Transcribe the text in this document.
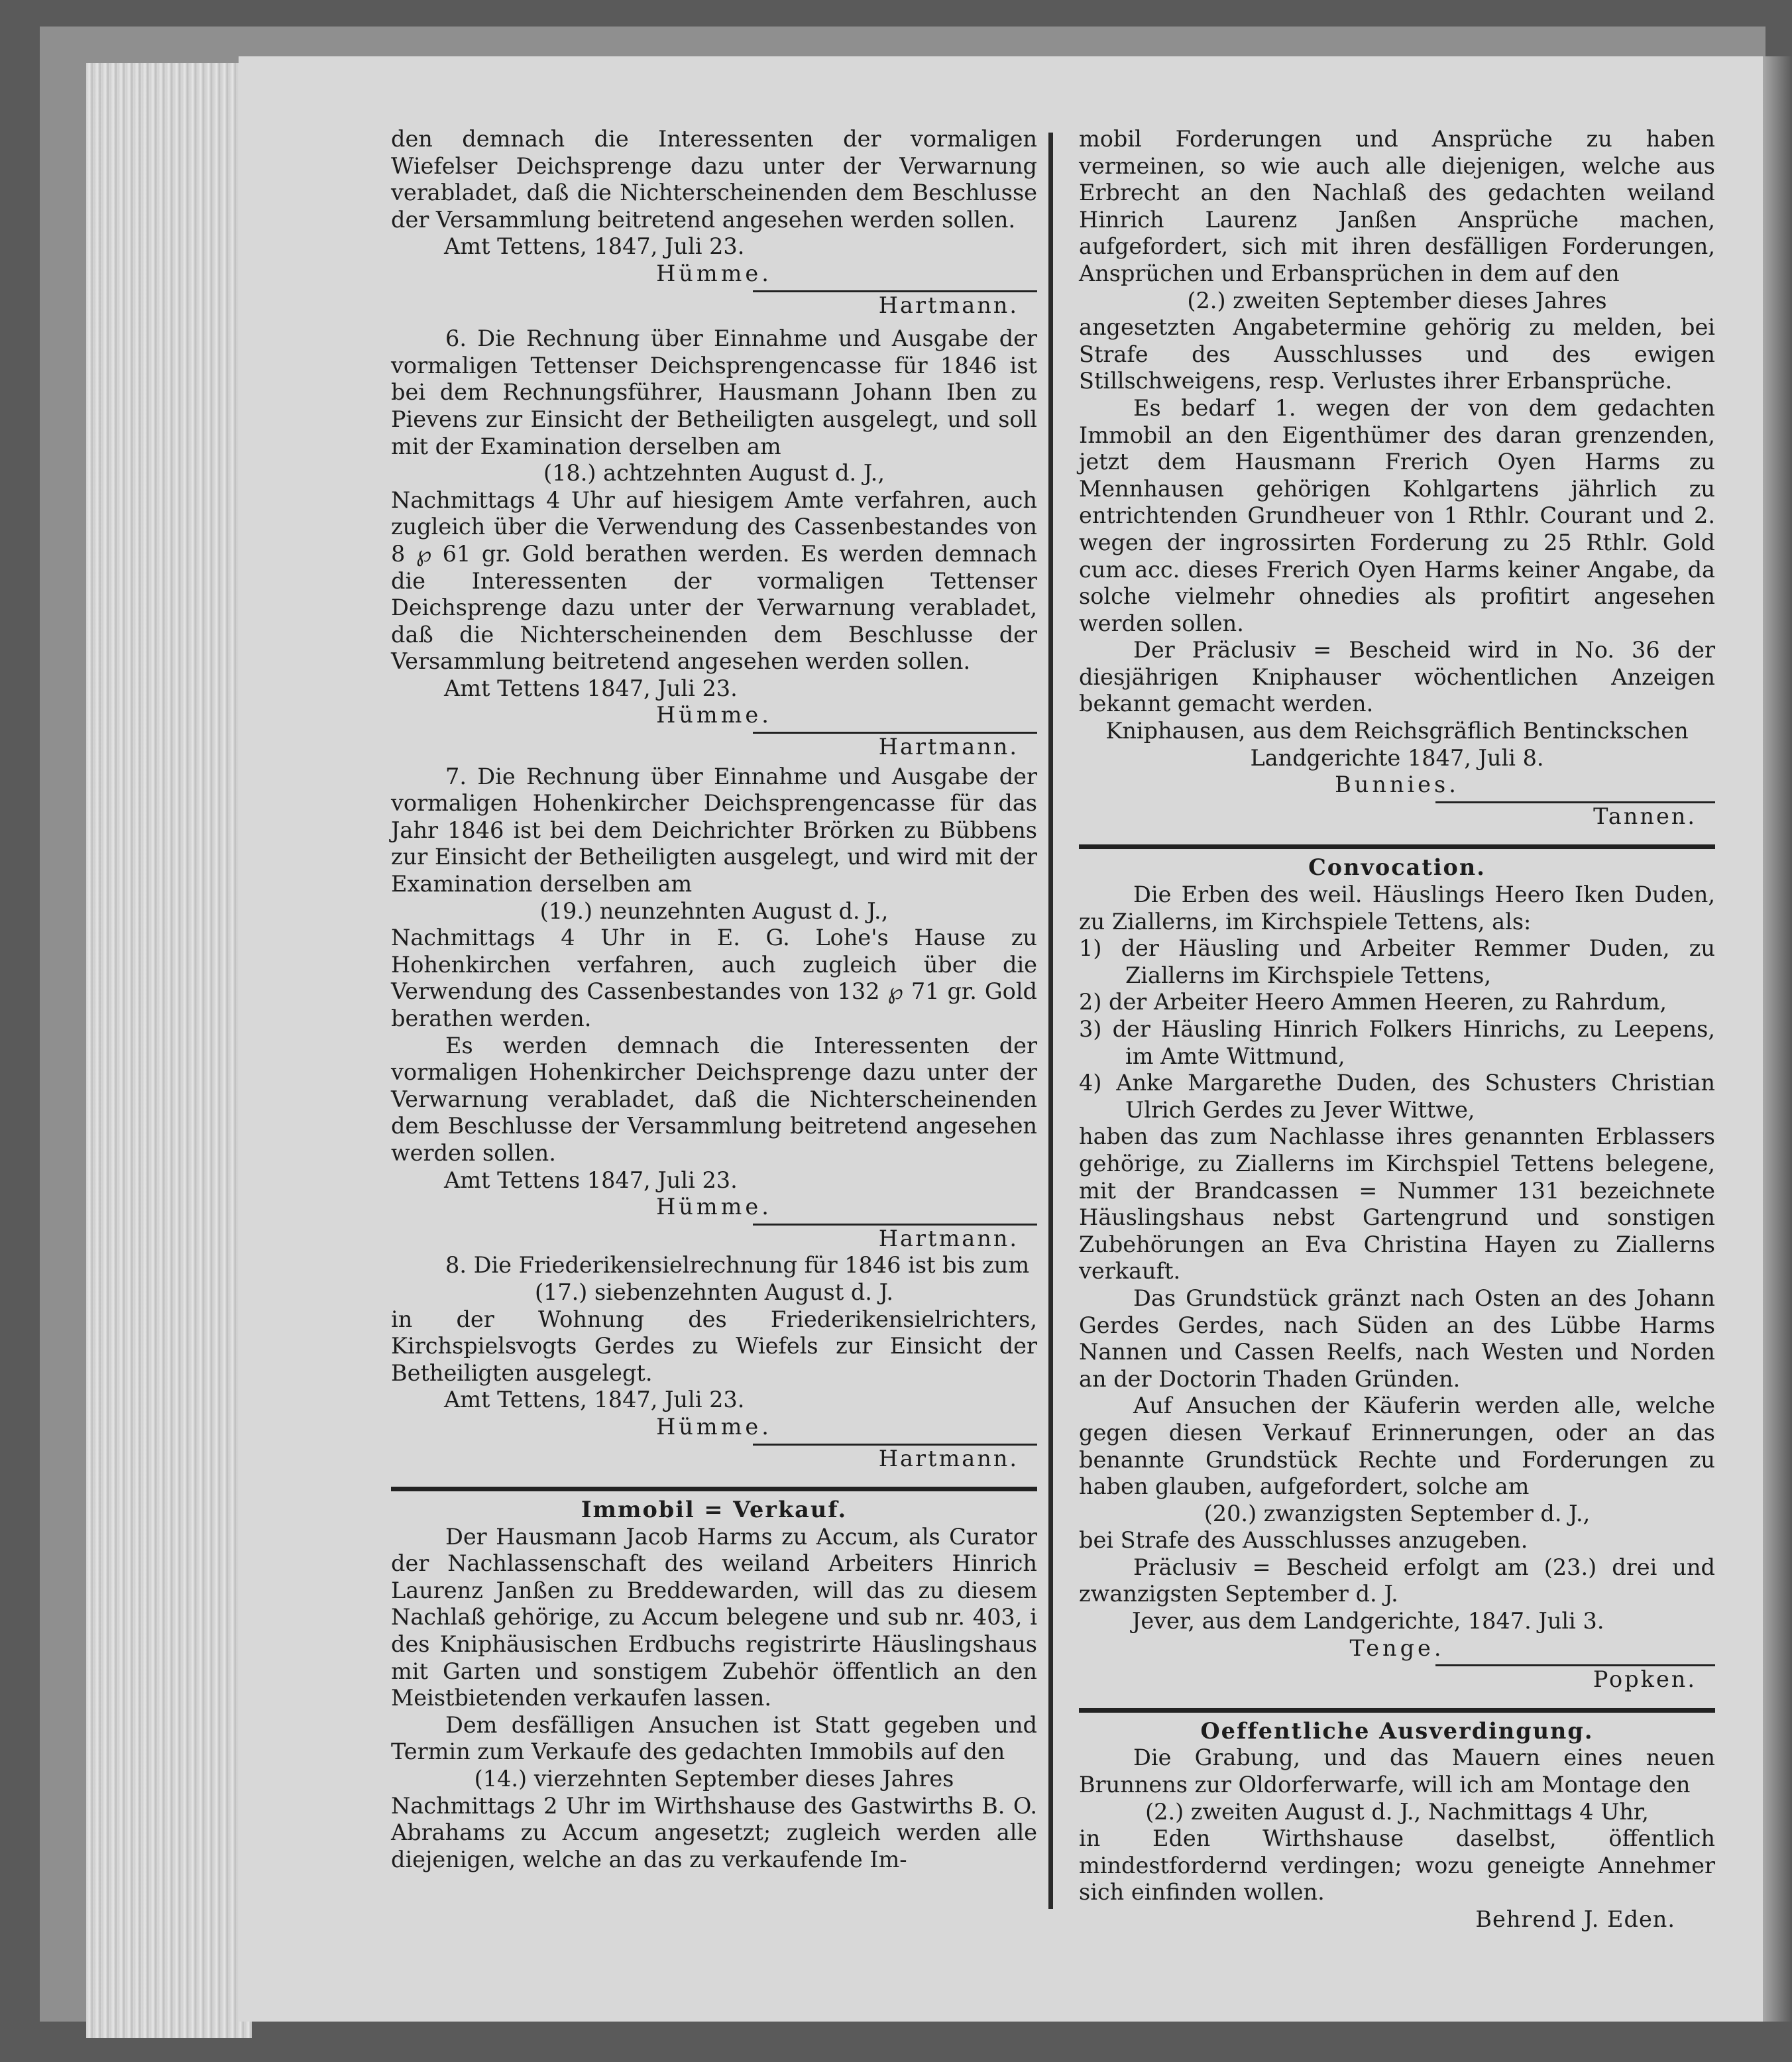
den demnach die Interessenten der vormaligen Wiefelser Deichsprenge dazu unter der Verwarnung verabladet, daß die Nichterscheinenden dem Beschlusse der Versammlung beitretend angesehen werden sollen.

Amt Tettens, 1847, Juli 23.

Hümme.

Hartmann.

6. Die Rechnung über Einnahme und Ausgabe der vormaligen Tettenser Deichsprengencasse für 1846 ist bei dem Rechnungsführer, Hausmann Johann Iben zu Pievens zur Einsicht der Betheiligten ausgelegt, und soll mit der Examination derselben am

(18.) achtzehnten August d. J.,

Nachmittags 4 Uhr auf hiesigem Amte verfahren, auch zugleich über die Verwendung des Cassenbestandes von 8 ℘ 61 gr. Gold berathen werden. Es werden demnach die Interessenten der vormaligen Tettenser Deichsprenge dazu unter der Verwarnung verabladet, daß die Nichterscheinenden dem Beschlusse der Versammlung beitretend angesehen werden sollen.

Amt Tettens 1847, Juli 23.

Hümme.

Hartmann.

7. Die Rechnung über Einnahme und Ausgabe der vormaligen Hohenkircher Deichsprengencasse für das Jahr 1846 ist bei dem Deichrichter Brörken zu Bübbens zur Einsicht der Betheiligten ausgelegt, und wird mit der Examination derselben am

(19.) neunzehnten August d. J.,

Nachmittags 4 Uhr in E. G. Lohe's Hause zu Hohenkirchen verfahren, auch zugleich über die Verwendung des Cassenbestandes von 132 ℘ 71 gr. Gold berathen werden.

Es werden demnach die Interessenten der vormaligen Hohenkircher Deichsprenge dazu unter der Verwarnung verabladet, daß die Nichterscheinenden dem Beschlusse der Versammlung beitretend angesehen werden sollen.

Amt Tettens 1847, Juli 23.

Hümme.

Hartmann.

8. Die Friederikensielrechnung für 1846 ist bis zum

(17.) siebenzehnten August d. J.

in der Wohnung des Friederikensielrichters, Kirchspielsvogts Gerdes zu Wiefels zur Einsicht der Betheiligten ausgelegt.

Amt Tettens, 1847, Juli 23.

Hümme.

Hartmann.

Immobil = Verkauf.

Der Hausmann Jacob Harms zu Accum, als Curator der Nachlassenschaft des weiland Arbeiters Hinrich Laurenz Janßen zu Breddewarden, will das zu diesem Nachlaß gehörige, zu Accum belegene und sub nr. 403, i des Kniphäusischen Erdbuchs registrirte Häuslingshaus mit Garten und sonstigem Zubehör öffentlich an den Meistbietenden verkaufen lassen.

Dem desfälligen Ansuchen ist Statt gegeben und Termin zum Verkaufe des gedachten Immobils auf den

(14.) vierzehnten September dieses Jahres

Nachmittags 2 Uhr im Wirthshause des Gastwirths B. O. Abrahams zu Accum angesetzt; zugleich werden alle diejenigen, welche an das zu verkaufende Im-

mobil Forderungen und Ansprüche zu haben vermeinen, so wie auch alle diejenigen, welche aus Erbrecht an den Nachlaß des gedachten weiland Hinrich Laurenz Janßen Ansprüche machen, aufgefordert, sich mit ihren desfälligen Forderungen, Ansprüchen und Erbansprüchen in dem auf den

(2.) zweiten September dieses Jahres

angesetzten Angabetermine gehörig zu melden, bei Strafe des Ausschlusses und des ewigen Stillschweigens, resp. Verlustes ihrer Erbansprüche.

Es bedarf 1. wegen der von dem gedachten Immobil an den Eigenthümer des daran grenzenden, jetzt dem Hausmann Frerich Oyen Harms zu Mennhausen gehörigen Kohlgartens jährlich zu entrichtenden Grundheuer von 1 Rthlr. Courant und 2. wegen der ingrossirten Forderung zu 25 Rthlr. Gold cum acc. dieses Frerich Oyen Harms keiner Angabe, da solche vielmehr ohnedies als profitirt angesehen werden sollen.

Der Präclusiv = Bescheid wird in No. 36 der diesjährigen Kniphauser wöchentlichen Anzeigen bekannt gemacht werden.

Kniphausen, aus dem Reichsgräflich Bentinckschen Landgerichte 1847, Juli 8.

Bunnies.

Tannen.

Convocation.

Die Erben des weil. Häuslings Heero Iken Duden, zu Ziallerns, im Kirchspiele Tettens, als:

1) der Häusling und Arbeiter Remmer Duden, zu Ziallerns im Kirchspiele Tettens,

2) der Arbeiter Heero Ammen Heeren, zu Rahrdum,

3) der Häusling Hinrich Folkers Hinrichs, zu Leepens, im Amte Wittmund,

4) Anke Margarethe Duden, des Schusters Christian Ulrich Gerdes zu Jever Wittwe,

haben das zum Nachlasse ihres genannten Erblassers gehörige, zu Ziallerns im Kirchspiel Tettens belegene, mit der Brandcassen = Nummer 131 bezeichnete Häuslingshaus nebst Gartengrund und sonstigen Zubehörungen an Eva Christina Hayen zu Ziallerns verkauft.

Das Grundstück gränzt nach Osten an des Johann Gerdes Gerdes, nach Süden an des Lübbe Harms Nannen und Cassen Reelfs, nach Westen und Norden an der Doctorin Thaden Gründen.

Auf Ansuchen der Käuferin werden alle, welche gegen diesen Verkauf Erinnerungen, oder an das benannte Grundstück Rechte und Forderungen zu haben glauben, aufgefordert, solche am

(20.) zwanzigsten September d. J.,

bei Strafe des Ausschlusses anzugeben.

Präclusiv = Bescheid erfolgt am (23.) drei und zwanzigsten September d. J.

Jever, aus dem Landgerichte, 1847. Juli 3.

Tenge.

Popken.

Oeffentliche Ausverdingung.

Die Grabung, und das Mauern eines neuen Brunnens zur Oldorferwarfe, will ich am Montage den

(2.) zweiten August d. J., Nachmittags 4 Uhr,

in Eden Wirthshause daselbst, öffentlich mindestfordernd verdingen; wozu geneigte Annehmer sich einfinden wollen.

Behrend J. Eden.
